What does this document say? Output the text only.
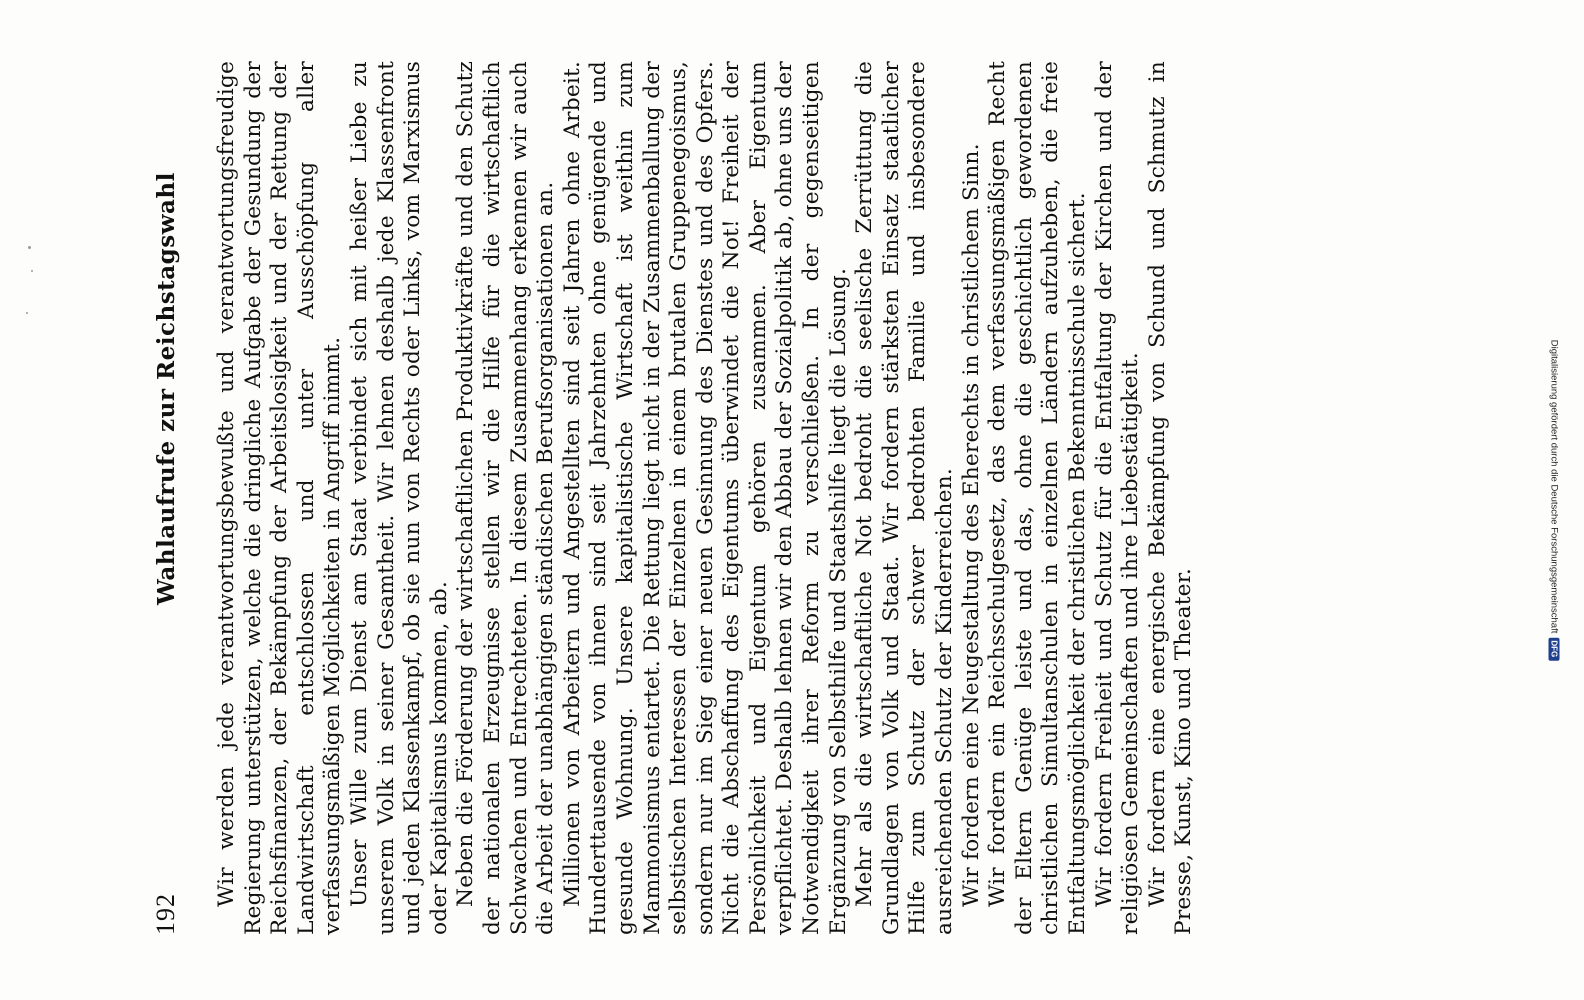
192
Wahlaufrufe zur Reichstagswahl Wir werden jede verantwortungsbewußte und verantwortungsfreudige Regierung unterstützen, welche die dringliche Aufgabe der Gesundung der Reichsfinanzen, der Bekämpfung der Arbeitslosigkeit und der Rettung der Landwirtschaft entschlossen und unter Ausschöpfung aller verfassungsmäßigen Möglichkeiten in Angriff nimmt. Unser Wille zum Dienst am Staat verbindet sich mit heißer Liebe zu unserem Volk in seiner Gesamtheit. Wir lehnen deshalb jede Klassenfront und jeden Klassenkampf, ob sie nun von Rechts oder Links, vom Marxismus oder Kapitalismus kommen, ab. Neben die Förderung der wirtschaftlichen Produktivkräfte und den Schutz der nationalen Erzeugnisse stellen wir die Hilfe für die wirtschaftlich Schwachen und Entrechteten. In diesem Zusammenhang erkennen wir auch die Arbeit der unabhängigen ständischen Berufsorganisationen an. Millionen von Arbeitern und Angestellten sind seit Jahren ohne Arbeit. Hunderttausende von ihnen sind seit Jahrzehnten ohne genügende und gesunde Wohnung. Unsere kapitalistische Wirtschaft ist weithin zum Mammonismus entartet. Die Rettung liegt nicht in der Zusammenballung der selbstischen Interessen der Einzelnen in einem brutalen Gruppenegoismus, sondern nur im Sieg einer neuen Gesinnung des Dienstes und des Opfers. Nicht die Abschaffung des Eigentums überwindet die Not! Freiheit der Persönlichkeit und Eigentum gehören zusammen. Aber Eigentum verpflichtet. Deshalb lehnen wir den Abbau der Sozialpolitik ab, ohne uns der Notwendigkeit ihrer Reform zu verschließen. In der gegenseitigen Ergänzung von Selbsthilfe und Staatshilfe liegt die Lösung. Mehr als die wirtschaftliche Not bedroht die seelische Zerrüttung die Grundlagen von Volk und Staat. Wir fordern stärksten Einsatz staatlicher Hilfe zum Schutz der schwer bedrohten Familie und insbesondere ausreichenden Schutz der Kinderreichen. Wir fordern eine Neugestaltung des Eherechts in christlichem Sinn. Wir fordern ein Reichsschulgesetz, das dem verfassungsmäßigen Recht der Eltern Genüge leiste und das, ohne die geschichtlich gewordenen christlichen Simultanschulen in einzelnen Ländern aufzuheben, die freie Entfaltungsmöglichkeit der christlichen Bekenntnisschule sichert. Wir fordern Freiheit und Schutz für die Entfaltung der Kirchen und der religiösen Gemeinschaften und ihre Liebestätigkeit. Wir fordern eine energische Bekämpfung von Schund und Schmutz in Presse, Kunst, Kino und Theater.

Digitalisierung gefördert durch die Deutsche Forschungsgemeinschaft
DFG
